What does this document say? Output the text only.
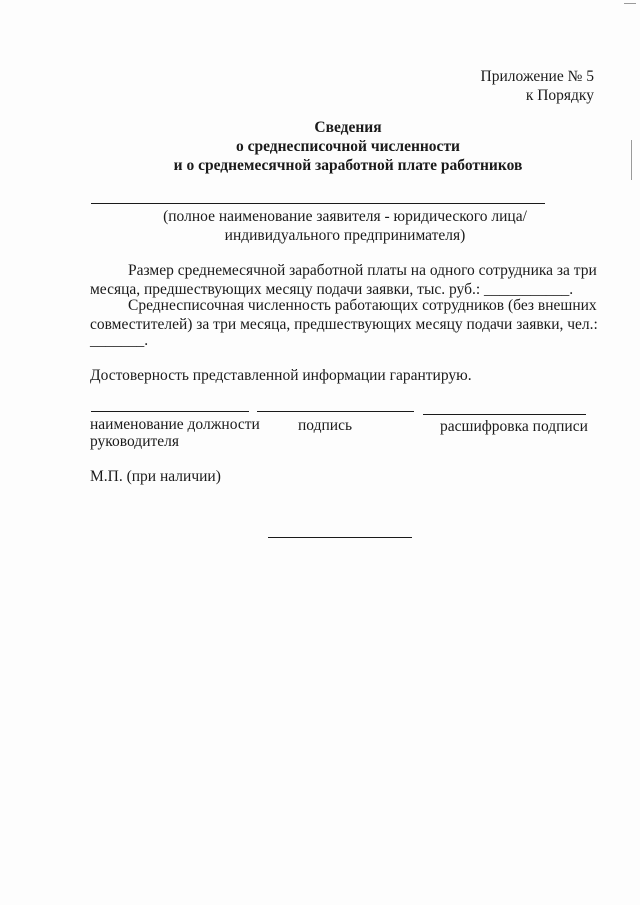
Приложение № 5
к Порядку
Сведения
о среднесписочной численности
и о среднемесячной заработной плате работников
(полное наименование заявителя - юридического лица/
индивидуального предпринимателя)
Размер среднемесячной заработной платы на одного сотрудника за три
месяца, предшествующих месяцу подачи заявки, тыс. руб.: ___________.
Среднесписочная численность работающих сотрудников (без внешних
совместителей) за три месяца, предшествующих месяцу подачи заявки, чел.:
_______.
Достоверность представленной информации гарантирую.
наименование должности
руководителя
подпись	расшифровка подписи
М.П. (при наличии)
